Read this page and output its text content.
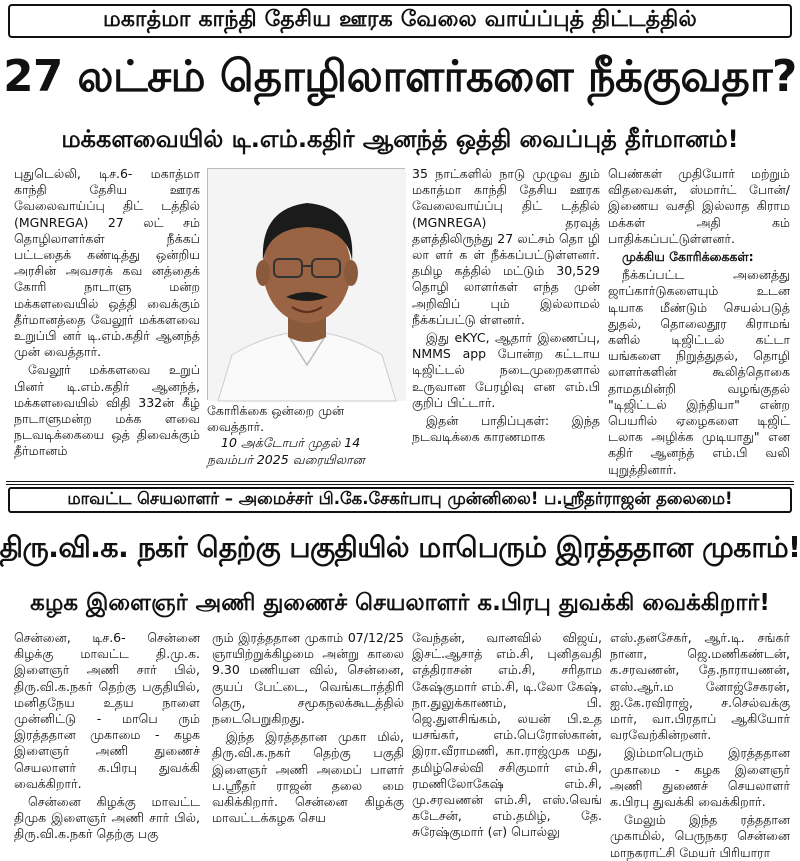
மகாத்மா காந்தி தேசிய ஊரக வேலை வாய்ப்புத் திட்டத்தில்
27 லட்சம் தொழிலாளர்களை நீக்குவதா?
மக்களவையில் டி.எம்.கதிர் ஆனந்த் ஒத்தி வைப்புத் தீர்மானம்!

புதுடெல்லி, டிச.6- மகாத்மா காந்தி தேசிய ஊரக வேலைவாய்ப்பு திட் டத்தில் (MGNREGA) 27 லட் சம் தொழிலாளர்கள் நீக்கப் பட்டதைக் கண்டித்து ஒன்றிய அரசின் அவசரக் கவ னத்தைக் கோரி நாடாளு மன்ற மக்களவையில் ஒத்தி வைக்கும் தீர்மானத்தை வேலூர் மக்களவை உறுப்பி னர் டி.எம்.கதிர் ஆனந்த் முன் வைத்தார்.

வேலூர் மக்களவை உறுப் பினர் டி.எம்.கதிர் ஆனந்த், மக்களவையில் விதி 332ன் கீழ் நாடாளுமன்ற மக்க ளவை நடவடிக்கையை ஒத் திவைக்கும் தீர்மானம்

கோரிக்கை ஒன்றை முன் வைத்தார்.

10 அக்டோபர் முதல் 14 நவம்பர் 2025 வரையிலான

35 நாட்களில் நாடு முழுவ தும் மகாத்மா காந்தி தேசிய ஊரக வேலைவாய்ப்பு திட் டத்தில் (MGNREGA) தரவுத் தளத்திலிருந்து 27 லட்சம் தொ ழி லா ளர் க ள் நீக்கப்பட்டுள்ளனர். தமிழ கத்தில் மட்டும் 30,529 தொழி லாளர்கள் எந்த முன் அறிவிப் பும் இல்லாமல் நீக்கப்பட்டு ள்ளனர்.

இது eKYC, ஆதார் இணைப்பு, NMMS app போன்ற கட்டாய டிஜிட்டல் நடைமுறைகளால் உருவான பேரழிவு என எம்.பி குறிப் பிட்டார்.

இதன் பாதிப்புகள்: இந்த நடவடிக்கை காரணமாக

பெண்கள் முதியோர் மற்றும் விதவைகள், ஸ்மார்ட் போன்/இணைய வசதி இல்லாத கிராம மக்கள் அதி கம் பாதிக்கப்பட்டுள்ளனர்.

முக்கிய கோரிக்கைகள்:

நீக்கப்பட்ட அனைத்து ஜாப்கார்டுகளையும் உடன டியாக மீண்டும் செயல்படுத் துதல், தொலைதூர கிராமங் களில் டிஜிட்டல் கட்டா யங்களை நிறுத்துதல், தொழி லாளர்களின் கூலித்தொகை தாமதமின்றி வழங்குதல் "டிஜிட்டல் இந்தியா" என்ற பெயரில் ஏழைகளை டிஜிட் டலாக அழிக்க முடியாது" என கதிர் ஆனந்த் எம்.பி வலி யுறுத்தினார்.

மாவட்ட செயலாளர் – அமைச்சர் பி.கே.சேகர்பாபு முன்னிலை! ப.ஸ்ரீதர்ராஜன் தலைமை!
திரு.வி.க. நகர் தெற்கு பகுதியில் மாபெரும் இரத்ததான முகாம்!
கழக இளைஞர் அணி துணைச் செயலாளர் க.பிரபு துவக்கி வைக்கிறார்!

சென்னை, டிச.6- சென்னை கிழக்கு மாவட்ட தி.மு.க. இளைஞர் அணி சார் பில், திரு.வி.க.நகர் தெற்கு பகுதியில், மனிதநேய உதய நாளை முன்னிட்டு - மாபெ ரும் இரத்ததான முகாமை - கழக இளைஞர் அணி துணைச் செயலாளர் க.பிரபு துவக்கி வைக்கிறார்.

சென்னை கிழக்கு மாவட்ட திமுக இளைஞர் அணி சார் பில், திரு.வி.க.நகர் தெற்கு பகு

ரும் இரத்ததான முகாம் 07/12/25 ஞாயிற்றுக்கிழமை அன்று காலை 9.30 மணியள வில், சென்னை, குயப் பேட்டை, வெங்கடாத்திரி தெரு, சமூகநலக்கூடத்தில் நடைபெறுகிறது.

இந்த இரத்ததான முகா மில், திரு.வி.க.நகர் தெற்கு பகுதி இளைஞர் அணி அமைப் பாளர் ப.ஸ்ரீதர் ராஜன் தலை மை வகிக்கிறார். சென்னை கிழக்கு மாவட்டக்கழக செய

வேந்தன், வானவில் விஜய், இசட்.ஆசாத் எம்.சி, புனிதவதி எத்திராசன் எம்.சி, சரிதாம கேஷ்குமார் எம்.சி, டி.லோ கேஷ், நா.துலுக்காணம், பி. ஜெ.துளசிங்கம், லயன் பி.உத யசங்கர், எம்.பெரோஸ்கான், இரா.வீராமணி, கா.ராஜ்முக மது, தமிழ்செல்வி சசிகுமார் எம்.சி, ரமணிலோகேஷ் எம்.சி, மு.சரவணன் எம்.சி, எஸ்.வெங் கடேசன், எம்.தமிழ், தே. சுரேஷ்குமார் (எ) பொல்லு

எஸ்.தனசேகர், ஆர்.டி. சங்கர் நானா, ஜெ.மணிகண்டன், க.சரவணன், தே.நாராயணன், எஸ்.ஆர்.ம னோஜ்சேகரன், ஐ.கே.ரவிராஜ், ச.செல்வக்கு மார், வா.பிரதாப் ஆகியோர் வரவேற்கின்றனர்.

இம்மாபெரும் இரத்ததான முகாமை - கழக இளைஞர் அணி துணைச் செயலாளர் க.பிரபு துவக்கி வைக்கிறார்.

மேலும் இந்த ரத்ததான முகாமில், பெருநகர சென்னை மாநகராட்சி மேயர் பிரியாரா
